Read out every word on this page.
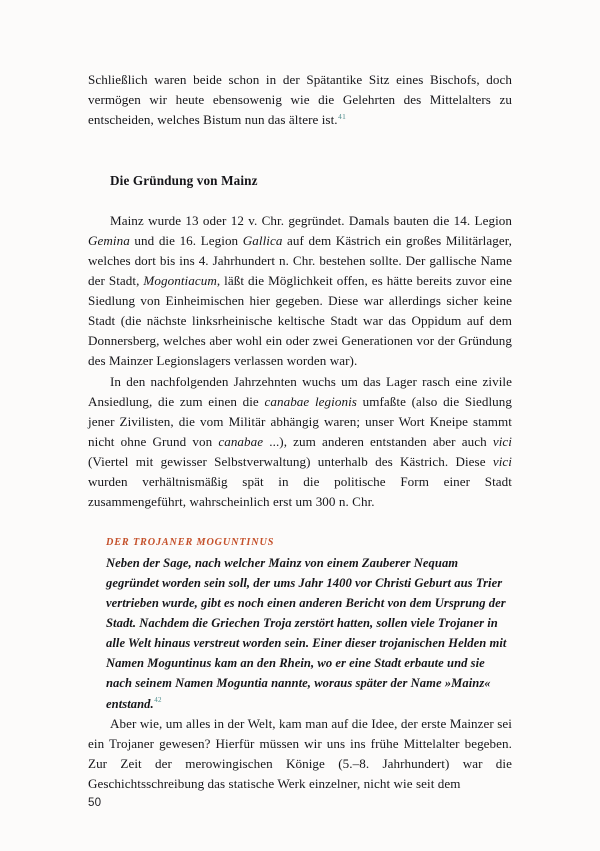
Schließlich waren beide schon in der Spätantike Sitz eines Bischofs, doch vermögen wir heute ebensowenig wie die Gelehrten des Mittelalters zu entscheiden, welches Bistum nun das ältere ist.$^{41}$

Die Gründung von Mainz

Mainz wurde 13 oder 12 v. Chr. gegründet. Damals bauten die 14. Legion Gemina und die 16. Legion Gallica auf dem Kästrich ein großes Militärlager, welches dort bis ins 4. Jahrhundert n. Chr. bestehen sollte. Der gallische Name der Stadt, Mogontiacum, läßt die Möglichkeit offen, es hätte bereits zuvor eine Siedlung von Einheimischen hier gegeben. Diese war allerdings sicher keine Stadt (die nächste linksrheinische keltische Stadt war das Oppidum auf dem Donnersberg, welches aber wohl ein oder zwei Generationen vor der Gründung des Mainzer Legionslagers verlassen worden war).

In den nachfolgenden Jahrzehnten wuchs um das Lager rasch eine zivile Ansiedlung, die zum einen die canabae legionis umfaßte (also die Siedlung jener Zivilisten, die vom Militär abhängig waren; unser Wort Kneipe stammt nicht ohne Grund von canabae ...), zum anderen entstanden aber auch vici (Viertel mit gewisser Selbstverwaltung) unterhalb des Kästrich. Diese vici wurden verhältnismäßig spät in die politische Form einer Stadt zusammengeführt, wahrscheinlich erst um 300 n. Chr.

DER TROJANER MOGUNTINUS

Neben der Sage, nach welcher Mainz von einem Zauberer Nequam gegründet worden sein soll, der ums Jahr 1400 vor Christi Geburt aus Trier vertrieben wurde, gibt es noch einen anderen Bericht von dem Ursprung der Stadt. Nachdem die Griechen Troja zerstört hatten, sollen viele Trojaner in alle Welt hinaus verstreut worden sein. Einer dieser trojanischen Helden mit Namen Moguntinus kam an den Rhein, wo er eine Stadt erbaute und sie nach seinem Namen Moguntia nannte, woraus später der Name »Mainz« entstand.$^{42}$

Aber wie, um alles in der Welt, kam man auf die Idee, der erste Mainzer sei ein Trojaner gewesen? Hierfür müssen wir uns ins frühe Mittelalter begeben. Zur Zeit der merowingischen Könige (5.–8. Jahrhundert) war die Geschichtsschreibung das statische Werk einzelner, nicht wie seit dem

50
